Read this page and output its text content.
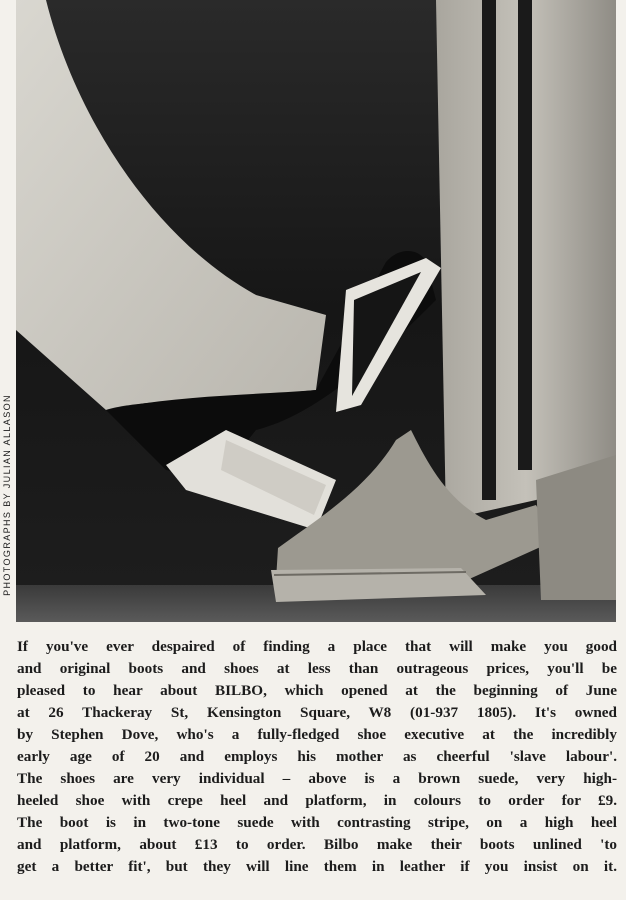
PHOTOGRAPHS BY JULIAN ALLASON

If you've ever despaired of finding a place that will make you good
and original boots and shoes at less than outrageous prices, you'll be
pleased to hear about BILBO, which opened at the beginning of June
at 26 Thackeray St, Kensington Square, W8 (01-937 1805). It's owned
by Stephen Dove, who's a fully-fledged shoe executive at the incredibly
early age of 20 and employs his mother as cheerful 'slave labour'.
The shoes are very individual – above is a brown suede, very high-
heeled shoe with crepe heel and platform, in colours to order for £9.
The boot is in two-tone suede with contrasting stripe, on a high heel
and platform, about £13 to order. Bilbo make their boots unlined 'to
get a better fit', but they will line them in leather if you insist on it.
